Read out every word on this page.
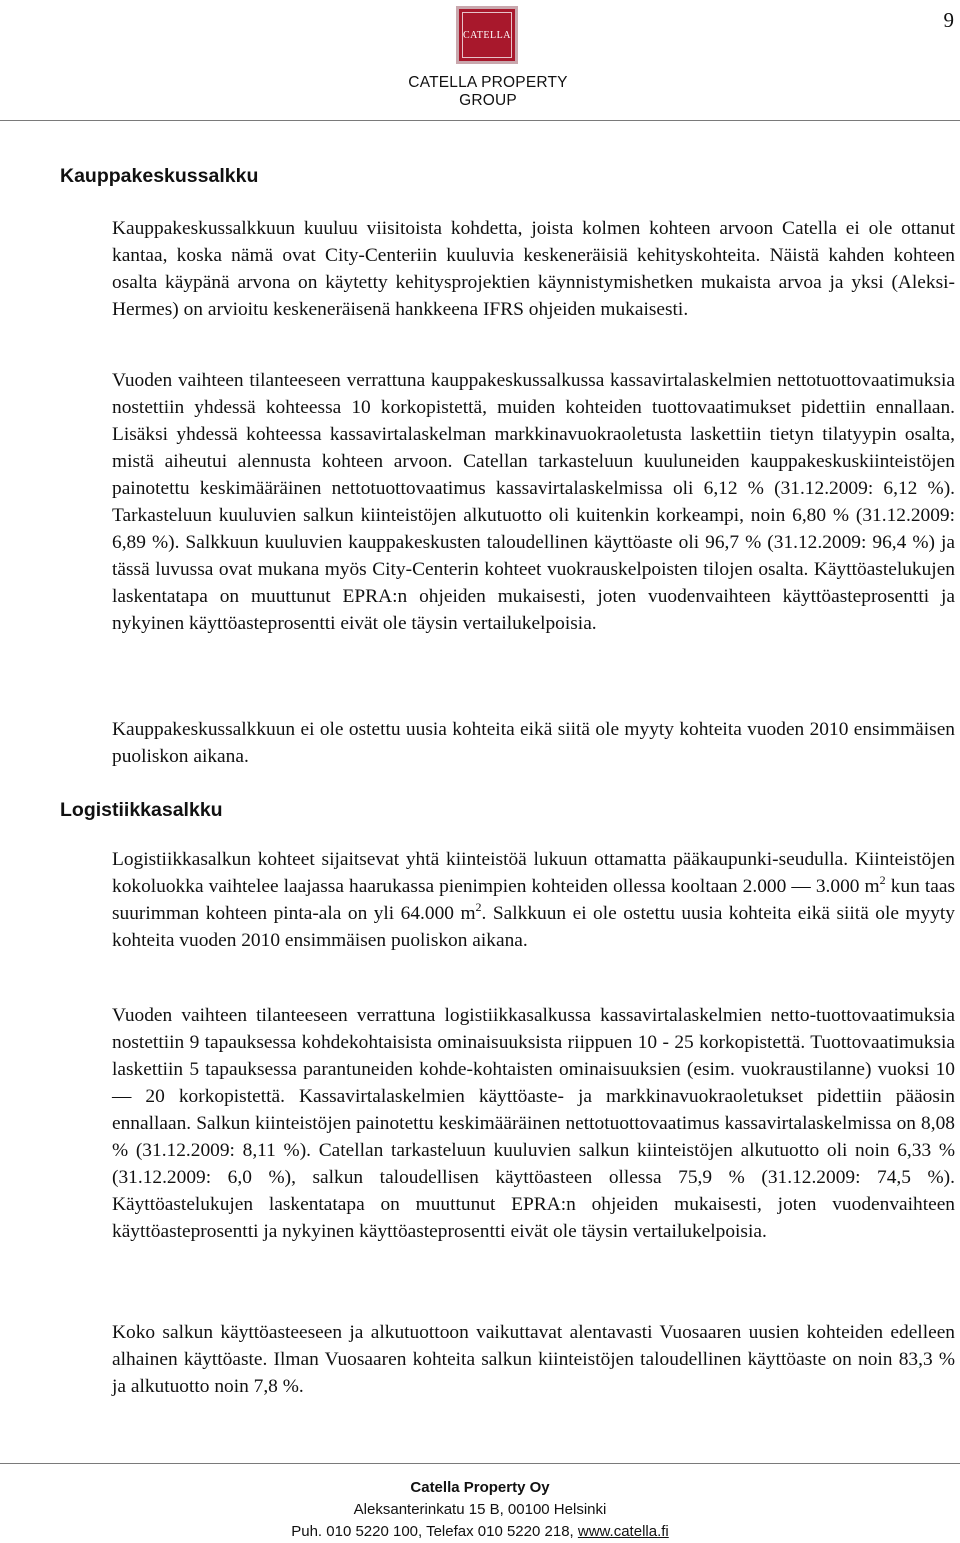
9
CATELLA
CATELLA PROPERTY GROUP
Kauppakeskussalkku

Kauppakeskussalkkuun kuuluu viisitoista kohdetta, joista kolmen kohteen arvoon Catella ei ole ottanut kantaa, koska nämä ovat City-Centeriin kuuluvia keskeneräisiä kehityskohteita. Näistä kahden kohteen osalta käypänä arvona on käytetty kehitysprojektien käynnistymishetken mukaista arvoa ja yksi (Aleksi-Hermes) on arvioitu keskeneräisenä hankkeena IFRS ohjeiden mukaisesti.

Vuoden vaihteen tilanteeseen verrattuna kauppakeskussalkussa kassavirtalaskelmien nettotuottovaatimuksia nostettiin yhdessä kohteessa 10 korkopistettä, muiden kohteiden tuottovaatimukset pidettiin ennallaan. Lisäksi yhdessä kohteessa kassavirtalaskelman markkinavuokraoletusta laskettiin tietyn tilatyypin osalta, mistä aiheutui alennusta kohteen arvoon. Catellan tarkasteluun kuuluneiden kauppakeskuskiinteistöjen painotettu keskimääräinen nettotuottovaatimus kassavirtalaskelmissa oli 6,12 % (31.12.2009: 6,12 %). Tarkasteluun kuuluvien salkun kiinteistöjen alkutuotto oli kuitenkin korkeampi, noin 6,80 % (31.12.2009: 6,89 %). Salkkuun kuuluvien kauppakeskusten taloudellinen käyttöaste oli 96,7 % (31.12.2009: 96,4 %) ja tässä luvussa ovat mukana myös City-Centerin kohteet vuokrauskelpoisten tilojen osalta. Käyttöastelukujen laskentatapa on muuttunut EPRA:n ohjeiden mukaisesti, joten vuodenvaihteen käyttöasteprosentti ja nykyinen käyttöasteprosentti eivät ole täysin vertailukelpoisia.

Kauppakeskussalkkuun ei ole ostettu uusia kohteita eikä siitä ole myyty kohteita vuoden 2010 ensimmäisen puoliskon aikana.

Logistiikkasalkku

Logistiikkasalkun kohteet sijaitsevat yhtä kiinteistöä lukuun ottamatta pääkaupunki-seudulla. Kiinteistöjen kokoluokka vaihtelee laajassa haarukassa pienimpien kohteiden ollessa kooltaan 2.000 — 3.000 $m^2$ kun taas suurimman kohteen pinta-ala on yli 64.000 $m^2$. Salkkuun ei ole ostettu uusia kohteita eikä siitä ole myyty kohteita vuoden 2010 ensimmäisen puoliskon aikana.

Vuoden vaihteen tilanteeseen verrattuna logistiikkasalkussa kassavirtalaskelmien netto-tuottovaatimuksia nostettiin 9 tapauksessa kohdekohtaisista ominaisuuksista riippuen 10 - 25 korkopistettä. Tuottovaatimuksia laskettiin 5 tapauksessa parantuneiden kohde-kohtaisten ominaisuuksien (esim. vuokraustilanne) vuoksi 10 — 20 korkopistettä. Kassavirtalaskelmien käyttöaste- ja markkinavuokraoletukset pidettiin pääosin ennallaan. Salkun kiinteistöjen painotettu keskimääräinen nettotuottovaatimus kassavirtalaskelmissa on 8,08 % (31.12.2009: 8,11 %). Catellan tarkasteluun kuuluvien salkun kiinteistöjen alkutuotto oli noin 6,33 % (31.12.2009: 6,0 %), salkun taloudellisen käyttöasteen ollessa 75,9 % (31.12.2009: 74,5 %). Käyttöastelukujen laskentatapa on muuttunut EPRA:n ohjeiden mukaisesti, joten vuodenvaihteen käyttöasteprosentti ja nykyinen käyttöasteprosentti eivät ole täysin vertailukelpoisia.

Koko salkun käyttöasteeseen ja alkutuottoon vaikuttavat alentavasti Vuosaaren uusien kohteiden edelleen alhainen käyttöaste. Ilman Vuosaaren kohteita salkun kiinteistöjen taloudellinen käyttöaste on noin 83,3 % ja alkutuotto noin 7,8 %.

Catella Property Oy
Aleksanterinkatu 15 B, 00100 Helsinki
Puh. 010 5220 100, Telefax 010 5220 218, www.catella.fi
